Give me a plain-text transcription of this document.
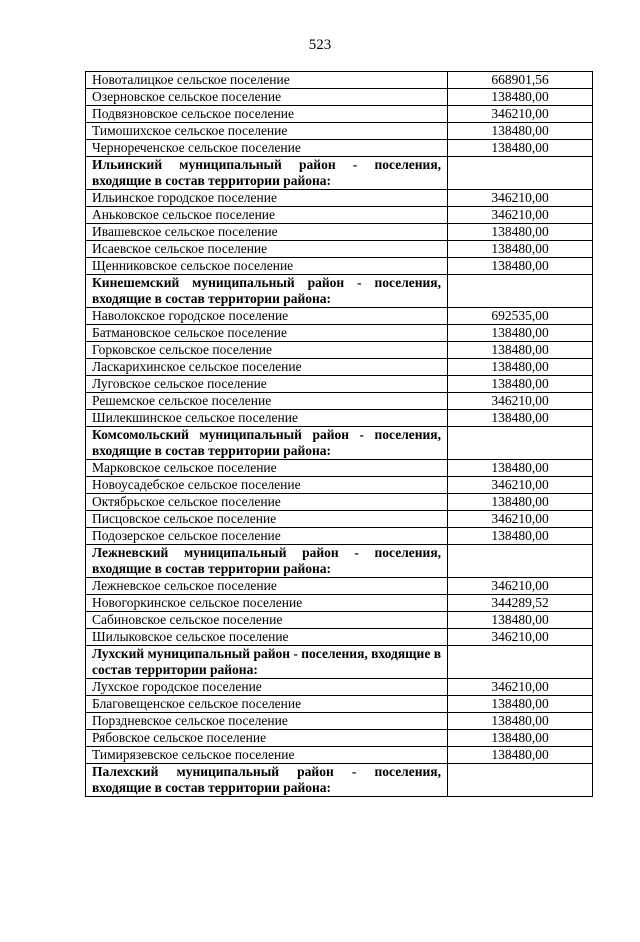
523
Новоталицкое сельское поселение	668901,56
Озерновское сельское поселение	138480,00
Подвязновское сельское поселение	346210,00
Тимошихское сельское поселение	138480,00
Чернореченское сельское поселение	138480,00
Ильинский муниципальный район - поселения, входящие в состав территории района:	
Ильинское городское поселение	346210,00
Аньковское сельское поселение	346210,00
Ивашевское сельское поселение	138480,00
Исаевское сельское поселение	138480,00
Щенниковское сельское поселение	138480,00
Кинешемский муниципальный район - поселения, входящие в состав территории района:	
Наволокское городское поселение	692535,00
Батмановское сельское поселение	138480,00
Горковское сельское поселение	138480,00
Ласкарихинское сельское поселение	138480,00
Луговское сельское поселение	138480,00
Решемское сельское поселение	346210,00
Шилекшинское сельское поселение	138480,00
Комсомольский муниципальный район - поселения, входящие в состав территории района:	
Марковское сельское поселение	138480,00
Новоусадебское сельское поселение	346210,00
Октябрьское сельское поселение	138480,00
Писцовское сельское поселение	346210,00
Подозерское сельское поселение	138480,00
Лежневский муниципальный район - поселения, входящие в состав территории района:	
Лежневское сельское поселение	346210,00
Новогоркинское сельское поселение	344289,52
Сабиновское сельское поселение	138480,00
Шилыковское сельское поселение	346210,00
Лухский муниципальный район - поселения, входящие в состав территории района:	
Лухское городское поселение	346210,00
Благовещенское сельское поселение	138480,00
Порздневское сельское поселение	138480,00
Рябовское сельское поселение	138480,00
Тимирязевское сельское поселение	138480,00
Палехский муниципальный район - поселения, входящие в состав территории района:	
